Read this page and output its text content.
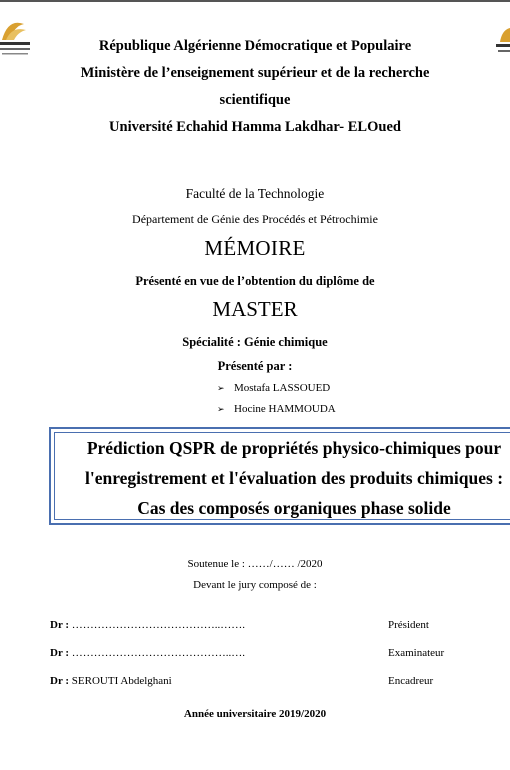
République Algérienne Démocratique et Populaire
Ministère de l’enseignement supérieur et de la recherche
scientifique
Université Echahid Hamma Lakdhar- ELOued
Faculté de la Technologie
Département de Génie des Procédés et Pétrochimie
MÉMOIRE
Présenté en vue de l’obtention du diplôme de
MASTER
Spécialité : Génie chimique
Présenté par :
➢ Mostafa LASSOUED
➢ Hocine HAMMOUDA
Prédiction QSPR de propriétés physico-chimiques pour
l'enregistrement et l'évaluation des produits chimiques :
Cas des composés organiques phase solide
Soutenue le : ……/…… /2020
Devant le jury composé de :
Dr : …………………………………..…….	Président
Dr : ……………………………………..….	Examinateur
Dr : SEROUTI Abdelghani	Encadreur
Année universitaire 2019/2020
